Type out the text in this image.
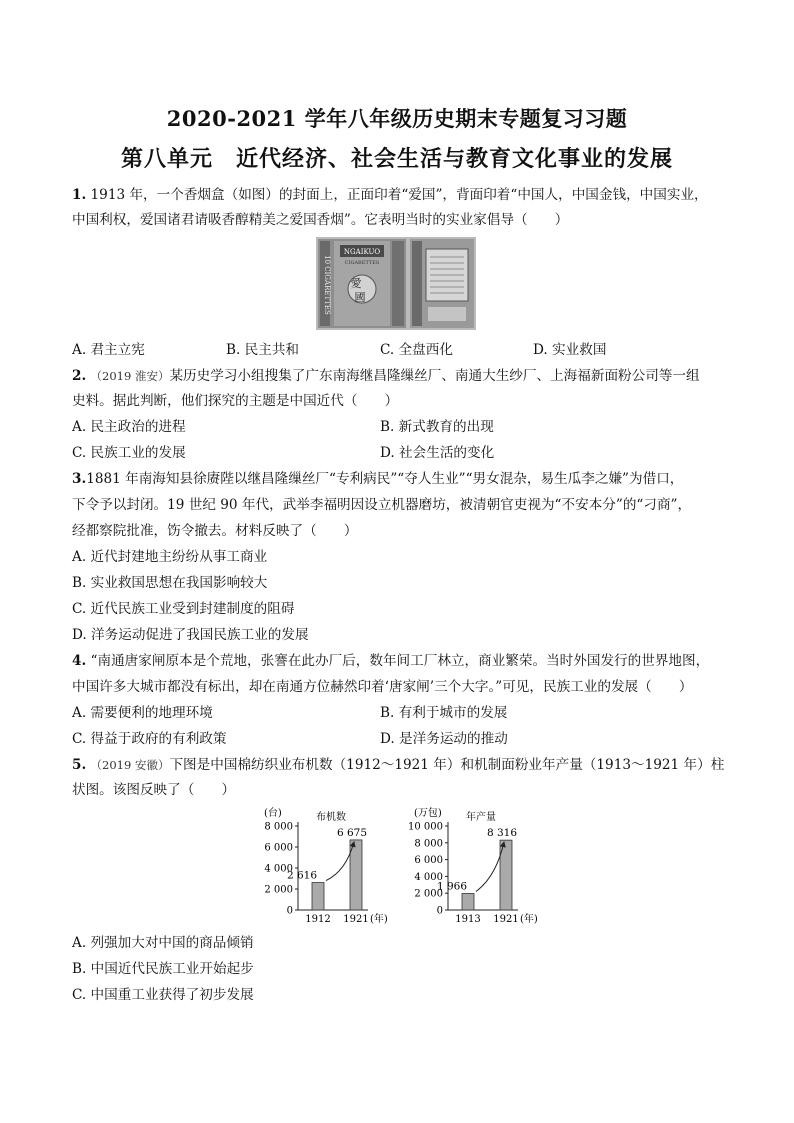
2020-2021 学年八年级历史期末专题复习习题
第八单元　近代经济、社会生活与教育文化事业的发展
1. 1913 年，一个香烟盒（如图）的封面上，正面印着“爱国”，背面印着“中国人，中国金钱，中国实业，
中国利权，爱国诸君请吸香醇精美之爱国香烟”。它表明当时的实业家倡导（　　）
10 CIGARETTES
NGAIKUO
CIGARETTES
愛
國
A. 君主立宪	B. 民主共和	C. 全盘西化	D. 实业救国
2. （2019 淮安）某历史学习小组搜集了广东南海继昌隆缫丝厂、南通大生纱厂、上海福新面粉公司等一组
史料。据此判断，他们探究的主题是中国近代（　　）
A. 民主政治的进程	B. 新式教育的出现
C. 民族工业的发展	D. 社会生活的变化
3.1881 年南海知县徐赓陛以继昌隆缫丝厂“专利病民”“夺人生业”“男女混杂，易生瓜李之嫌”为借口，
下令予以封闭。19 世纪 90 年代，武举李福明因设立机器磨坊，被清朝官吏视为“不安本分”的“刁商”，
经都察院批准，饬令撤去。材料反映了（　　）
A. 近代封建地主纷纷从事工商业
B. 实业救国思想在我国影响较大
C. 近代民族工业受到封建制度的阻碍
D. 洋务运动促进了我国民族工业的发展
4. “南通唐家闸原本是个荒地，张謇在此办厂后，数年间工厂林立，商业繁荣。当时外国发行的世界地图，
中国许多大城市都没有标出，却在南通方位赫然印着‘唐家闸’三个大字。”可见，民族工业的发展（　　）
A. 需要便利的地理环境	B. 有利于城市的发展
C. 得益于政府的有利政策	D. 是洋务运动的推动
5. （2019 安徽）下图是中国棉纺织业布机数（1912～1921 年）和机制面粉业年产量（1913～1921 年）柱
状图。该图反映了（　　）
(台)	布机数
0
2 000
4 000
6 000
8 000
1912
2 616
1921
6 675
(年)
(万包) 年产量
0
2 000
4 000
6 000
8 000
10 000
1913
1 966
1921
8 316
(年)
A. 列强加大对中国的商品倾销
B. 中国近代民族工业开始起步
C. 中国重工业获得了初步发展
